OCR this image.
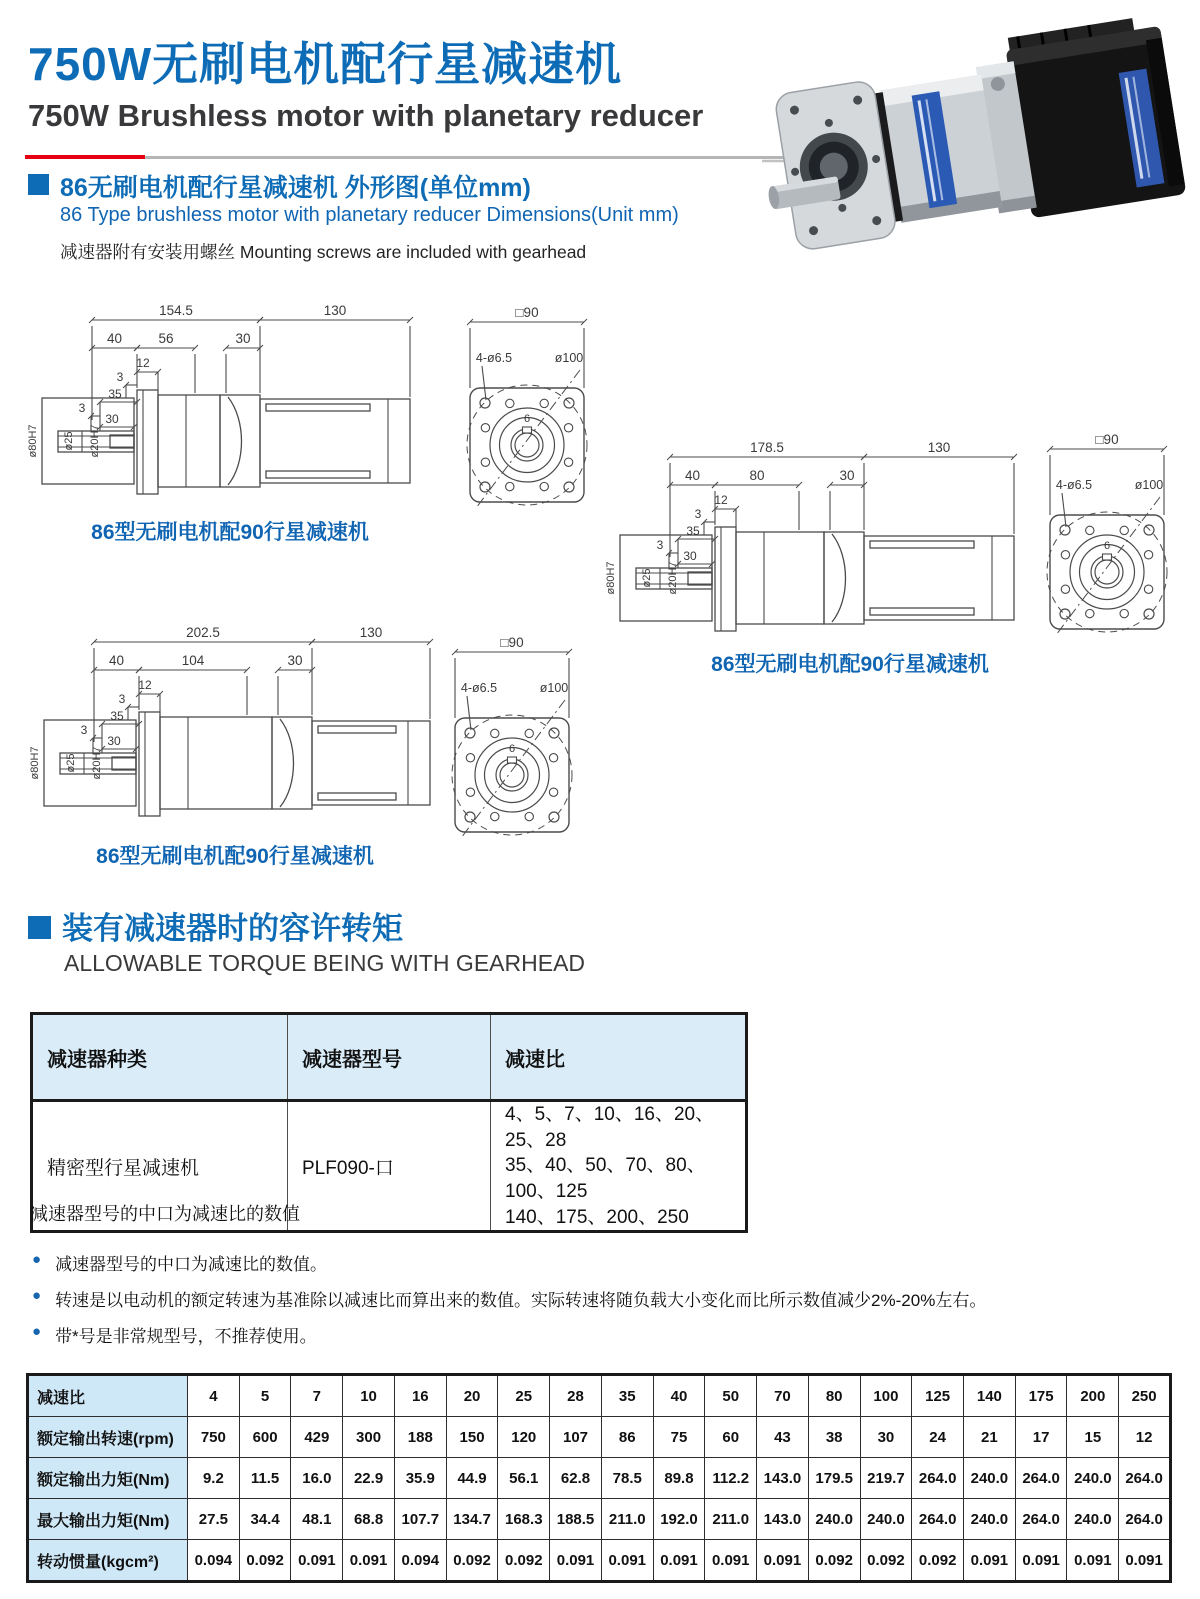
750W无刷电机配行星减速机
750W Brushless motor with planetary reducer
86无刷电机配行星减速机 外形图(单位mm)
86 Type brushless motor with planetary reducer Dimensions(Unit mm)
减速器附有安装用螺丝 Mounting screws are included with gearhead
154.5	130
40	56	30
12
3
35
3
30
ø80H7 ø25 ø20H7
□90
4-ø6.5	ø100
6
86型无刷电机配90行星减速机
178.5	130
40	80	30
12
3
35
3
30
ø80H7 ø25 ø20H7
□90
4-ø6.5	ø100
6
86型无刷电机配90行星减速机
202.5	130
40	104	30
12
3
35
3
30
ø80H7 ø25 ø20H7
□90
4-ø6.5	ø100
6
86型无刷电机配90行星减速机
装有减速器时的容许转矩
ALLOWABLE TORQUE BEING WITH GEARHEAD
减速器种类	减速器型号	减速比
精密型行星减速机	PLF090-口	4、5、7、10、16、20、25、28
35、40、50、70、80、100、125
140、175、200、250
减速器型号的中口为减速比的数值
● 减速器型号的中口为减速比的数值。
● 转速是以电动机的额定转速为基准除以减速比而算出来的数值。实际转速将随负载大小变化而比所示数值减少2%-20%左右。
● 带*号是非常规型号，不推荐使用。
减速比	4	5	7	10	16	20	25	28	35	40	50	70	80	100	125	140	175	200	250
额定输出转速(rpm)	750	600	429	300	188	150	120	107	86	75	60	43	38	30	24	21	17	15	12
额定输出力矩(Nm)	9.2	11.5	16.0	22.9	35.9	44.9	56.1	62.8	78.5	89.8	112.2	143.0	179.5	219.7	264.0	240.0	264.0	240.0	264.0
最大输出力矩(Nm)	27.5	34.4	48.1	68.8	107.7	134.7	168.3	188.5	211.0	192.0	211.0	143.0	240.0	240.0	264.0	240.0	264.0	240.0	264.0
转动惯量(kgcm²)	0.094	0.092	0.091	0.091	0.094	0.092	0.092	0.091	0.091	0.091	0.091	0.091	0.092	0.092	0.092	0.091	0.091	0.091	0.091
